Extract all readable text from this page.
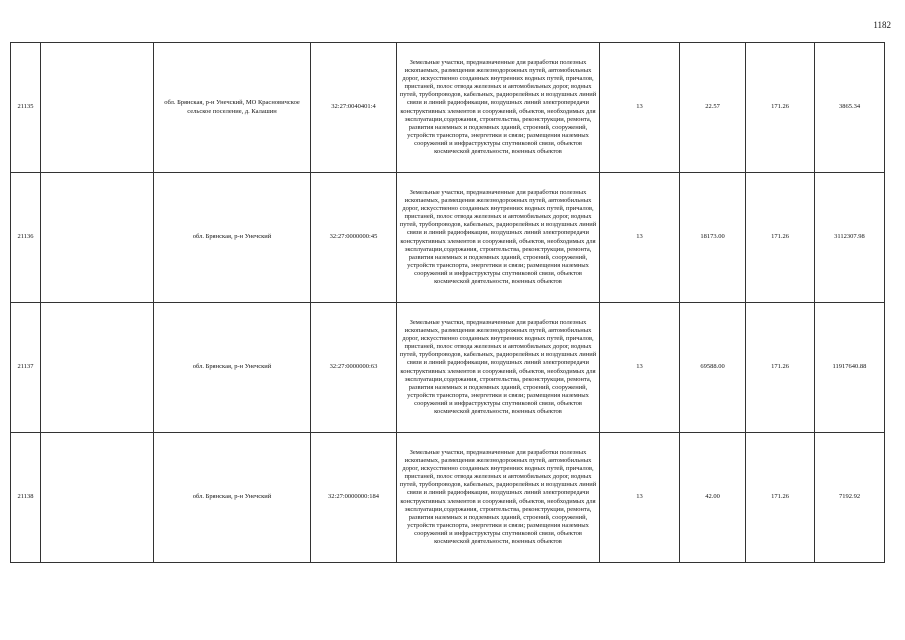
1182
21135		обл. Брянская, р-н Унечский, МО Красновичское сельское поселение, д. Калашин	32:27:0040401:4	Земельные участки, предназначенные для разработки полезных ископаемых, размещения железнодорожных путей, автомобильных дорог, искусственно созданных внутренних водных путей, причалов, пристаней, полос отвода железных и автомобильных дорог, водных путей, трубопроводов, кабельных, радиорелейных и воздушных линий связи и линий радиофикации, воздушных линий электропередачи конструктивных элементов и сооружений, объектов, необходимых для эксплуатации,содержания, строительства, реконструкции, ремонта, развития наземных и подземных зданий, строений, сооружений, устройств транспорта, энергетики и связи; размещения наземных сооружений и инфраструктуры спутниковой связи, объектов космической деятельности, военных объектов	13	22.57	171.26	3865.34
21136		обл. Брянская, р-н Унечский	32:27:0000000:45	Земельные участки, предназначенные для разработки полезных ископаемых, размещения железнодорожных путей, автомобильных дорог, искусственно созданных внутренних водных путей, причалов, пристаней, полос отвода железных и автомобильных дорог, водных путей, трубопроводов, кабельных, радиорелейных и воздушных линий связи и линий радиофикации, воздушных линий электропередачи конструктивных элементов и сооружений, объектов, необходимых для эксплуатации,содержания, строительства, реконструкции, ремонта, развития наземных и подземных зданий, строений, сооружений, устройств транспорта, энергетики и связи; размещения наземных сооружений и инфраструктуры спутниковой связи, объектов космической деятельности, военных объектов	13	18173.00	171.26	3112307.98
21137		обл. Брянская, р-н Унечский	32:27:0000000:63	Земельные участки, предназначенные для разработки полезных ископаемых, размещения железнодорожных путей, автомобильных дорог, искусственно созданных внутренних водных путей, причалов, пристаней, полос отвода железных и автомобильных дорог, водных путей, трубопроводов, кабельных, радиорелейных и воздушных линий связи и линий радиофикации, воздушных линий электропередачи конструктивных элементов и сооружений, объектов, необходимых для эксплуатации,содержания, строительства, реконструкции, ремонта, развития наземных и подземных зданий, строений, сооружений, устройств транспорта, энергетики и связи; размещения наземных сооружений и инфраструктуры спутниковой связи, объектов космической деятельности, военных объектов	13	69588.00	171.26	11917640.88
21138		обл. Брянская, р-н Унечский	32:27:0000000:184	Земельные участки, предназначенные для разработки полезных ископаемых, размещения железнодорожных путей, автомобильных дорог, искусственно созданных внутренних водных путей, причалов, пристаней, полос отвода железных и автомобильных дорог, водных путей, трубопроводов, кабельных, радиорелейных и воздушных линий связи и линий радиофикации, воздушных линий электропередачи конструктивных элементов и сооружений, объектов, необходимых для эксплуатации,содержания, строительства, реконструкции, ремонта, развития наземных и подземных зданий, строений, сооружений, устройств транспорта, энергетики и связи; размещения наземных сооружений и инфраструктуры спутниковой связи, объектов космической деятельности, военных объектов	13	42.00	171.26	7192.92
